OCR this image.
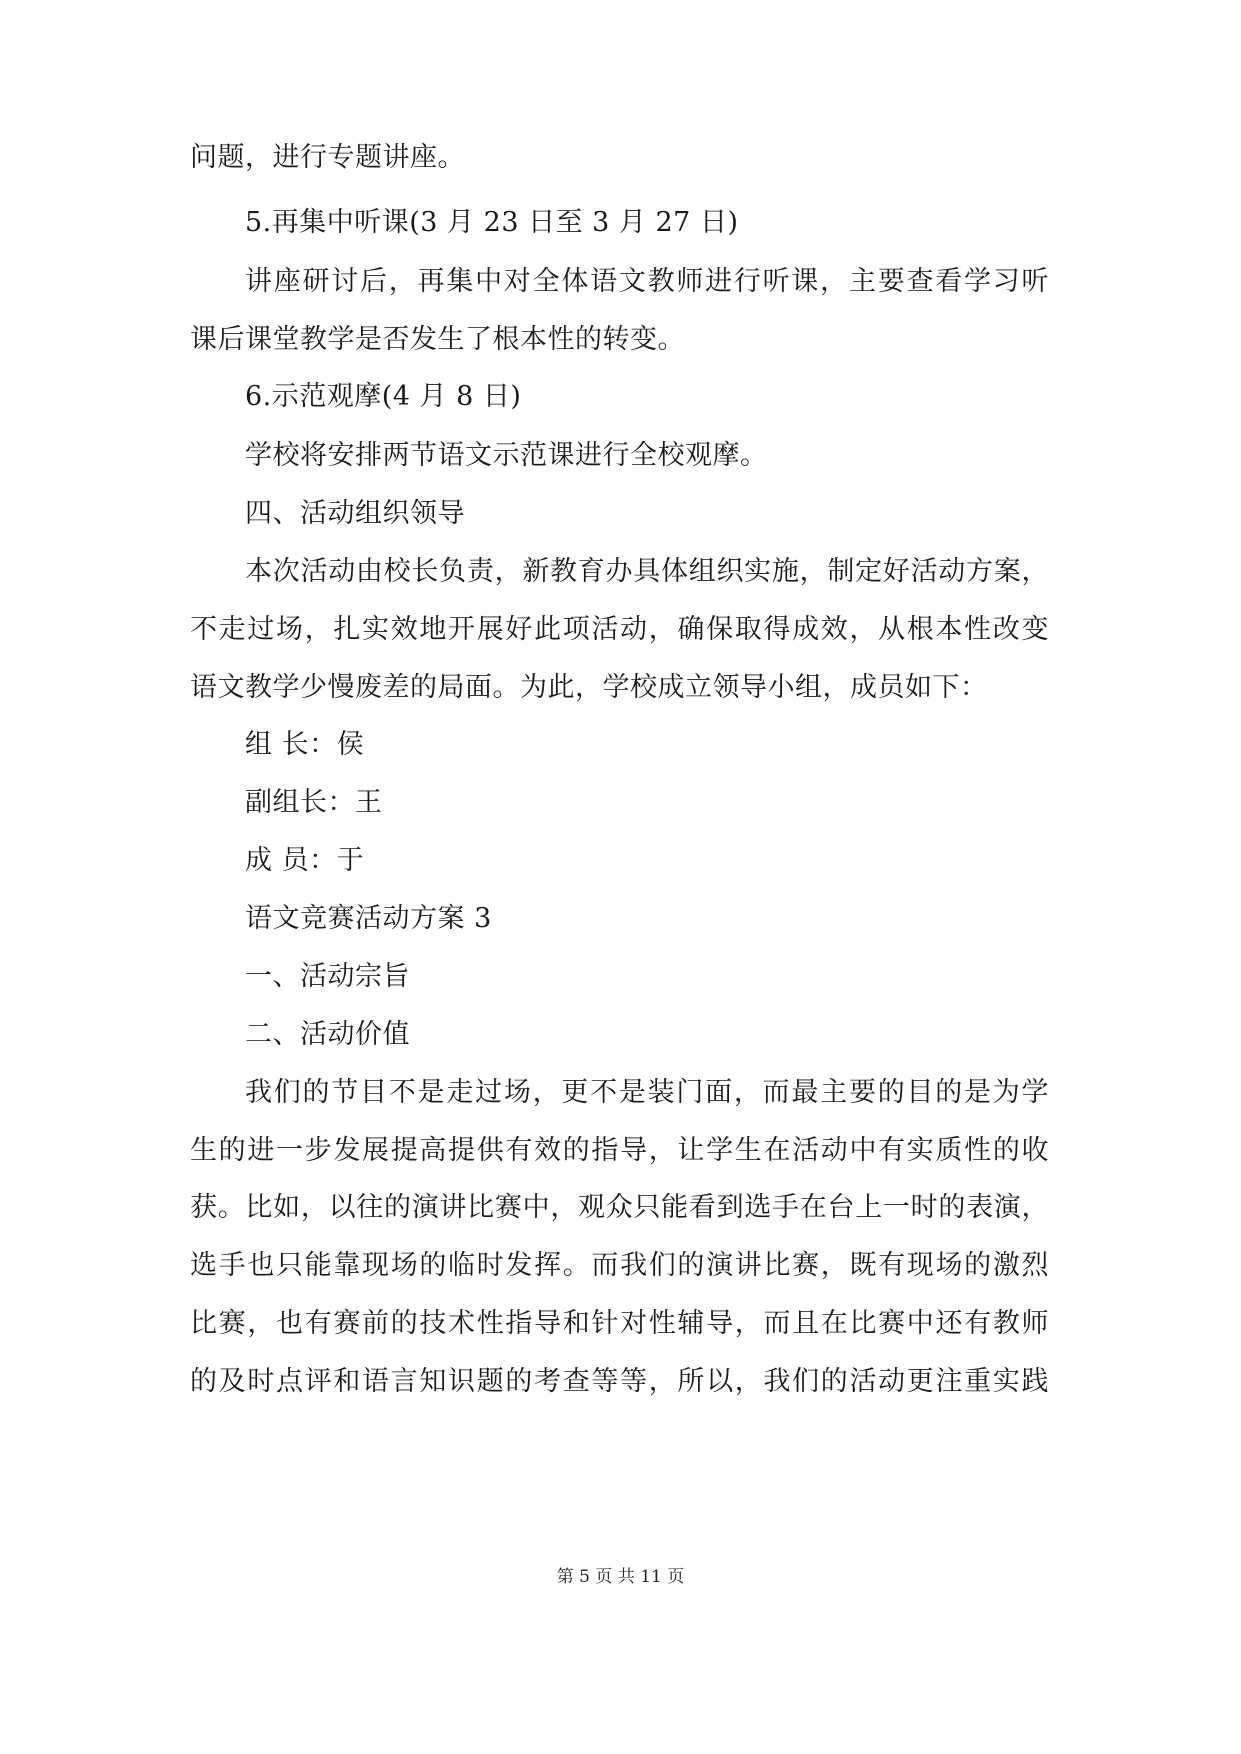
问题，进行专题讲座。
5.再集中听课(3 月 23 日至 3 月 27 日)
讲座研讨后，再集中对全体语文教师进行听课，主要查看学习听
课后课堂教学是否发生了根本性的转变。
6.示范观摩(4 月 8 日)
学校将安排两节语文示范课进行全校观摩。
四、活动组织领导
本次活动由校长负责，新教育办具体组织实施，制定好活动方案，
不走过场，扎实效地开展好此项活动，确保取得成效，从根本性改变
语文教学少慢废差的局面。为此，学校成立领导小组，成员如下：
组 长：侯
副组长：王
成 员：于
语文竞赛活动方案 3
一、活动宗旨
二、活动价值
我们的节目不是走过场，更不是装门面，而最主要的目的是为学
生的进一步发展提高提供有效的指导，让学生在活动中有实质性的收
获。比如，以往的演讲比赛中，观众只能看到选手在台上一时的表演，
选手也只能靠现场的临时发挥。而我们的演讲比赛，既有现场的激烈
比赛，也有赛前的技术性指导和针对性辅导，而且在比赛中还有教师
的及时点评和语言知识题的考查等等，所以，我们的活动更注重实践
第 5 页 共 11 页
